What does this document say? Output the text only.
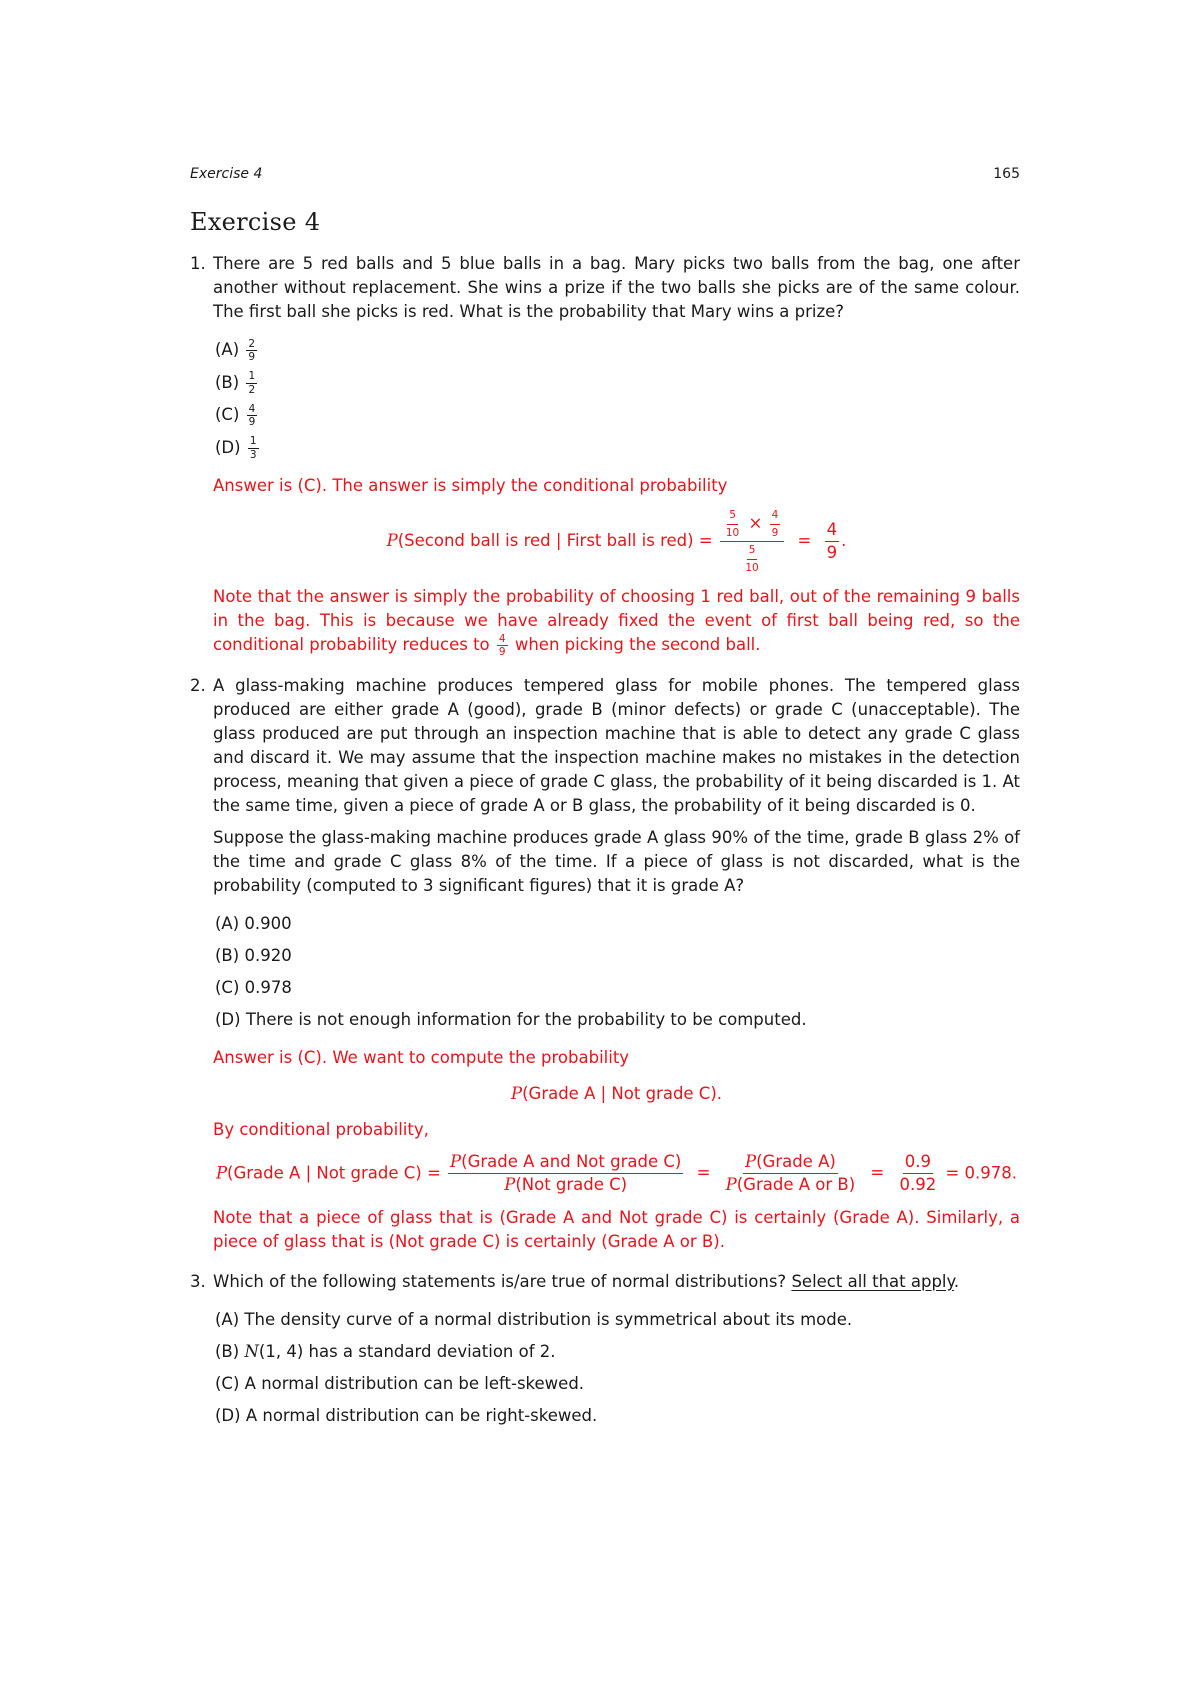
Exercise 4	165
Exercise 4
1. There are 5 red balls and 5 blue balls in a bag. Mary picks two balls from the bag, one after another without replacement. She wins a prize if the two balls she picks are of the same colour. The first ball she picks is red. What is the probability that Mary wins a prize?

$(A) \frac{2}{9}$
$(B) \frac{1}{2}$
$(C) \frac{4}{9}$
$(D) \frac{1}{3}$

Answer is (C). The answer is simply the conditional probability

P(Second ball is red | First ball is $red) = \frac{\frac{5}{10} \times \frac{4}{9}}{\frac{5}{10}} = \frac{4}{9}$ .

Note that the answer is simply the probability of choosing 1 red ball, out of the remaining 9 balls in the bag. This is because we have already fixed the event of first ball being red, so the conditional probability reduces to $\frac{4}{9}$ when picking the second ball.

2. A glass-making machine produces tempered glass for mobile phones. The tempered glass produced are either grade A (good), grade B (minor defects) or grade C (unacceptable). The glass produced are put through an inspection machine that is able to detect any grade C glass and discard it. We may assume that the inspection machine makes no mistakes in the detection process, meaning that given a piece of grade C glass, the probability of it being discarded is 1. At the same time, given a piece of grade A or B glass, the probability of it being discarded is 0.

Suppose the glass-making machine produces grade A glass 90% of the time, grade B glass 2% of the time and grade C glass 8% of the time. If a piece of glass is not discarded, what is the probability (computed to 3 significant figures) that it is grade A?

(A) 0.900
(B) 0.920
(C) 0.978
(D) There is not enough information for the probability to be computed.

Answer is (C). We want to compute the probability

P(Grade A | Not grade C).

By conditional probability,

P(Grade A | Not grade $C) = \frac{\text{P(Grade A and Not grade C)}}{\text{P(Not grade C)}} = \frac{\text{P(Grade A)}}{\text{P(Grade A or B)}} = \frac{0.9}{0.92} = 0.978$.

Note that a piece of glass that is (Grade A and Not grade C) is certainly (Grade A). Similarly, a piece of glass that is (Not grade C) is certainly (Grade A or B).

3. Which of the following statements is/are true of normal distributions? Select all that apply.

(A) The density curve of a normal distribution is symmetrical about its mode.
(B) N(1, 4) has a standard deviation of 2.
(C) A normal distribution can be left-skewed.
(D) A normal distribution can be right-skewed.
